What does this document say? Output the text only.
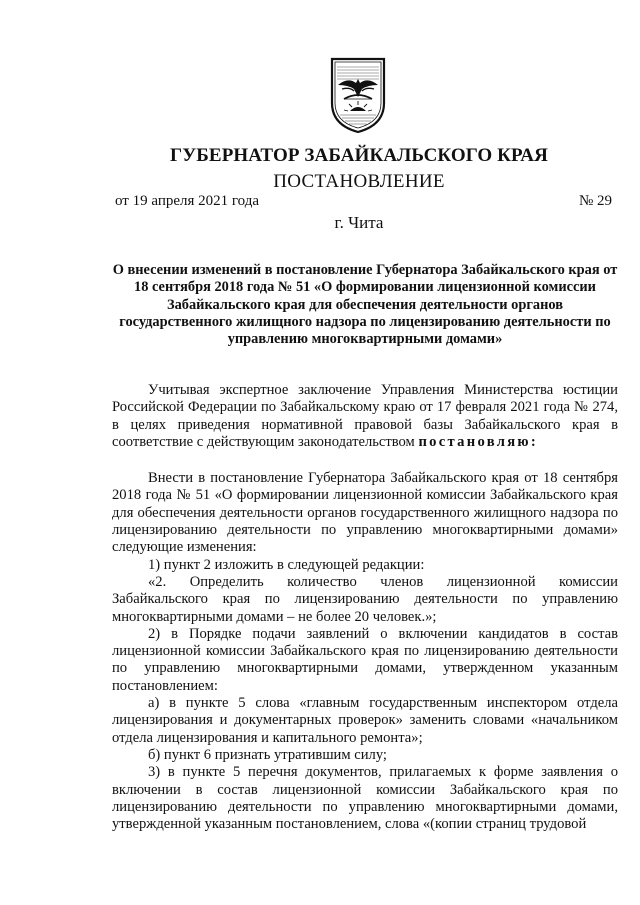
ГУБЕРНАТОР ЗАБАЙКАЛЬСКОГО КРАЯ
ПОСТАНОВЛЕНИЕ
от 19 апреля 2021 года	№ 29
г. Чита
О внесении изменений в постановление Губернатора Забайкальского края от 18 сентября 2018 года № 51 «О формировании лицензионной комиссии Забайкальского края для обеспечения деятельности органов государственного жилищного надзора по лицензированию деятельности по управлению многоквартирными домами»

Учитывая экспертное заключение Управления Министерства юстиции Российской Федерации по Забайкальскому краю от 17 февраля 2021 года № 274, в целях приведения нормативной правовой базы Забайкальского края в соответствие с действующим законодательством постановляю:

Внести в постановление Губернатора Забайкальского края от 18 сентября 2018 года № 51 «О формировании лицензионной комиссии Забайкальского края для обеспечения деятельности органов государственного жилищного надзора по лицензированию деятельности по управлению многоквартирными домами» следующие изменения:

1) пункт 2 изложить в следующей редакции:

«2. Определить количество членов лицензионной комиссии Забайкальского края по лицензированию деятельности по управлению многоквартирными домами – не более 20 человек.»;

2) в Порядке подачи заявлений о включении кандидатов в состав лицензионной комиссии Забайкальского края по лицензированию деятельности по управлению многоквартирными домами, утвержденном указанным постановлением:

а) в пункте 5 слова «главным государственным инспектором отдела лицензирования и документарных проверок» заменить словами «начальником отдела лицензирования и капитального ремонта»;

б) пункт 6 признать утратившим силу;

3) в пункте 5 перечня документов, прилагаемых к форме заявления о включении в состав лицензионной комиссии Забайкальского края по лицензированию деятельности по управлению многоквартирными домами, утвержденной указанным постановлением, слова «(копии страниц трудовой
